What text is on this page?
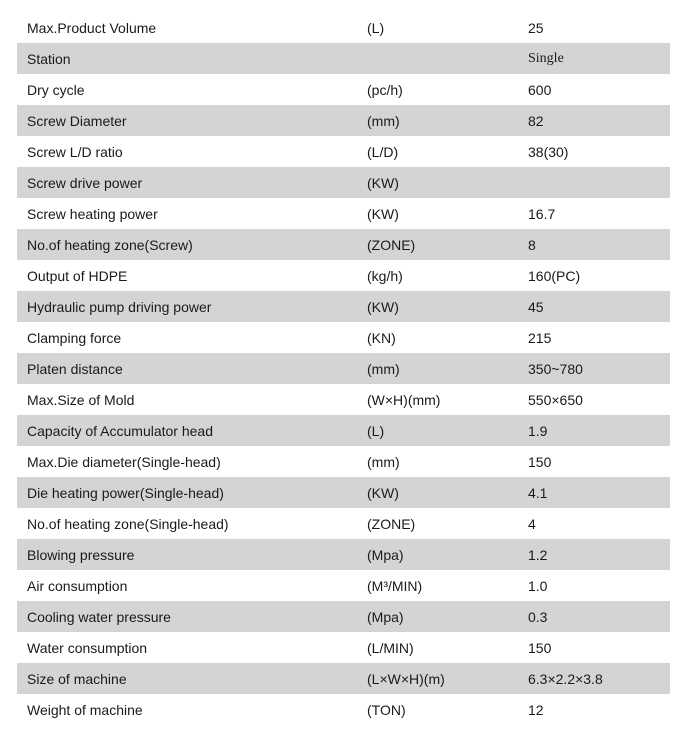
Max.Product Volume	(L)	25
Station		Single
Dry cycle	(pc/h)	600
Screw Diameter	(mm)	82
Screw L/D ratio	(L/D)	38(30)
Screw drive power	(KW)	
Screw heating power	(KW)	16.7
No.of heating zone(Screw)	(ZONE)	8
Output of HDPE	(kg/h)	160(PC)
Hydraulic pump driving power	(KW)	45
Clamping force	(KN)	215
Platen distance	(mm)	350~780
Max.Size of Mold	(W×H)(mm)	550×650
Capacity of Accumulator head	(L)	1.9
Max.Die diameter(Single-head)	(mm)	150
Die heating power(Single-head)	(KW)	4.1
No.of heating zone(Single-head)	(ZONE)	4
Blowing pressure	(Mpa)	1.2
Air consumption	(M³/MIN)	1.0
Cooling water pressure	(Mpa)	0.3
Water consumption	(L/MIN)	150
Size of machine	(L×W×H)(m)	6.3×2.2×3.8
Weight of machine	(TON)	12
